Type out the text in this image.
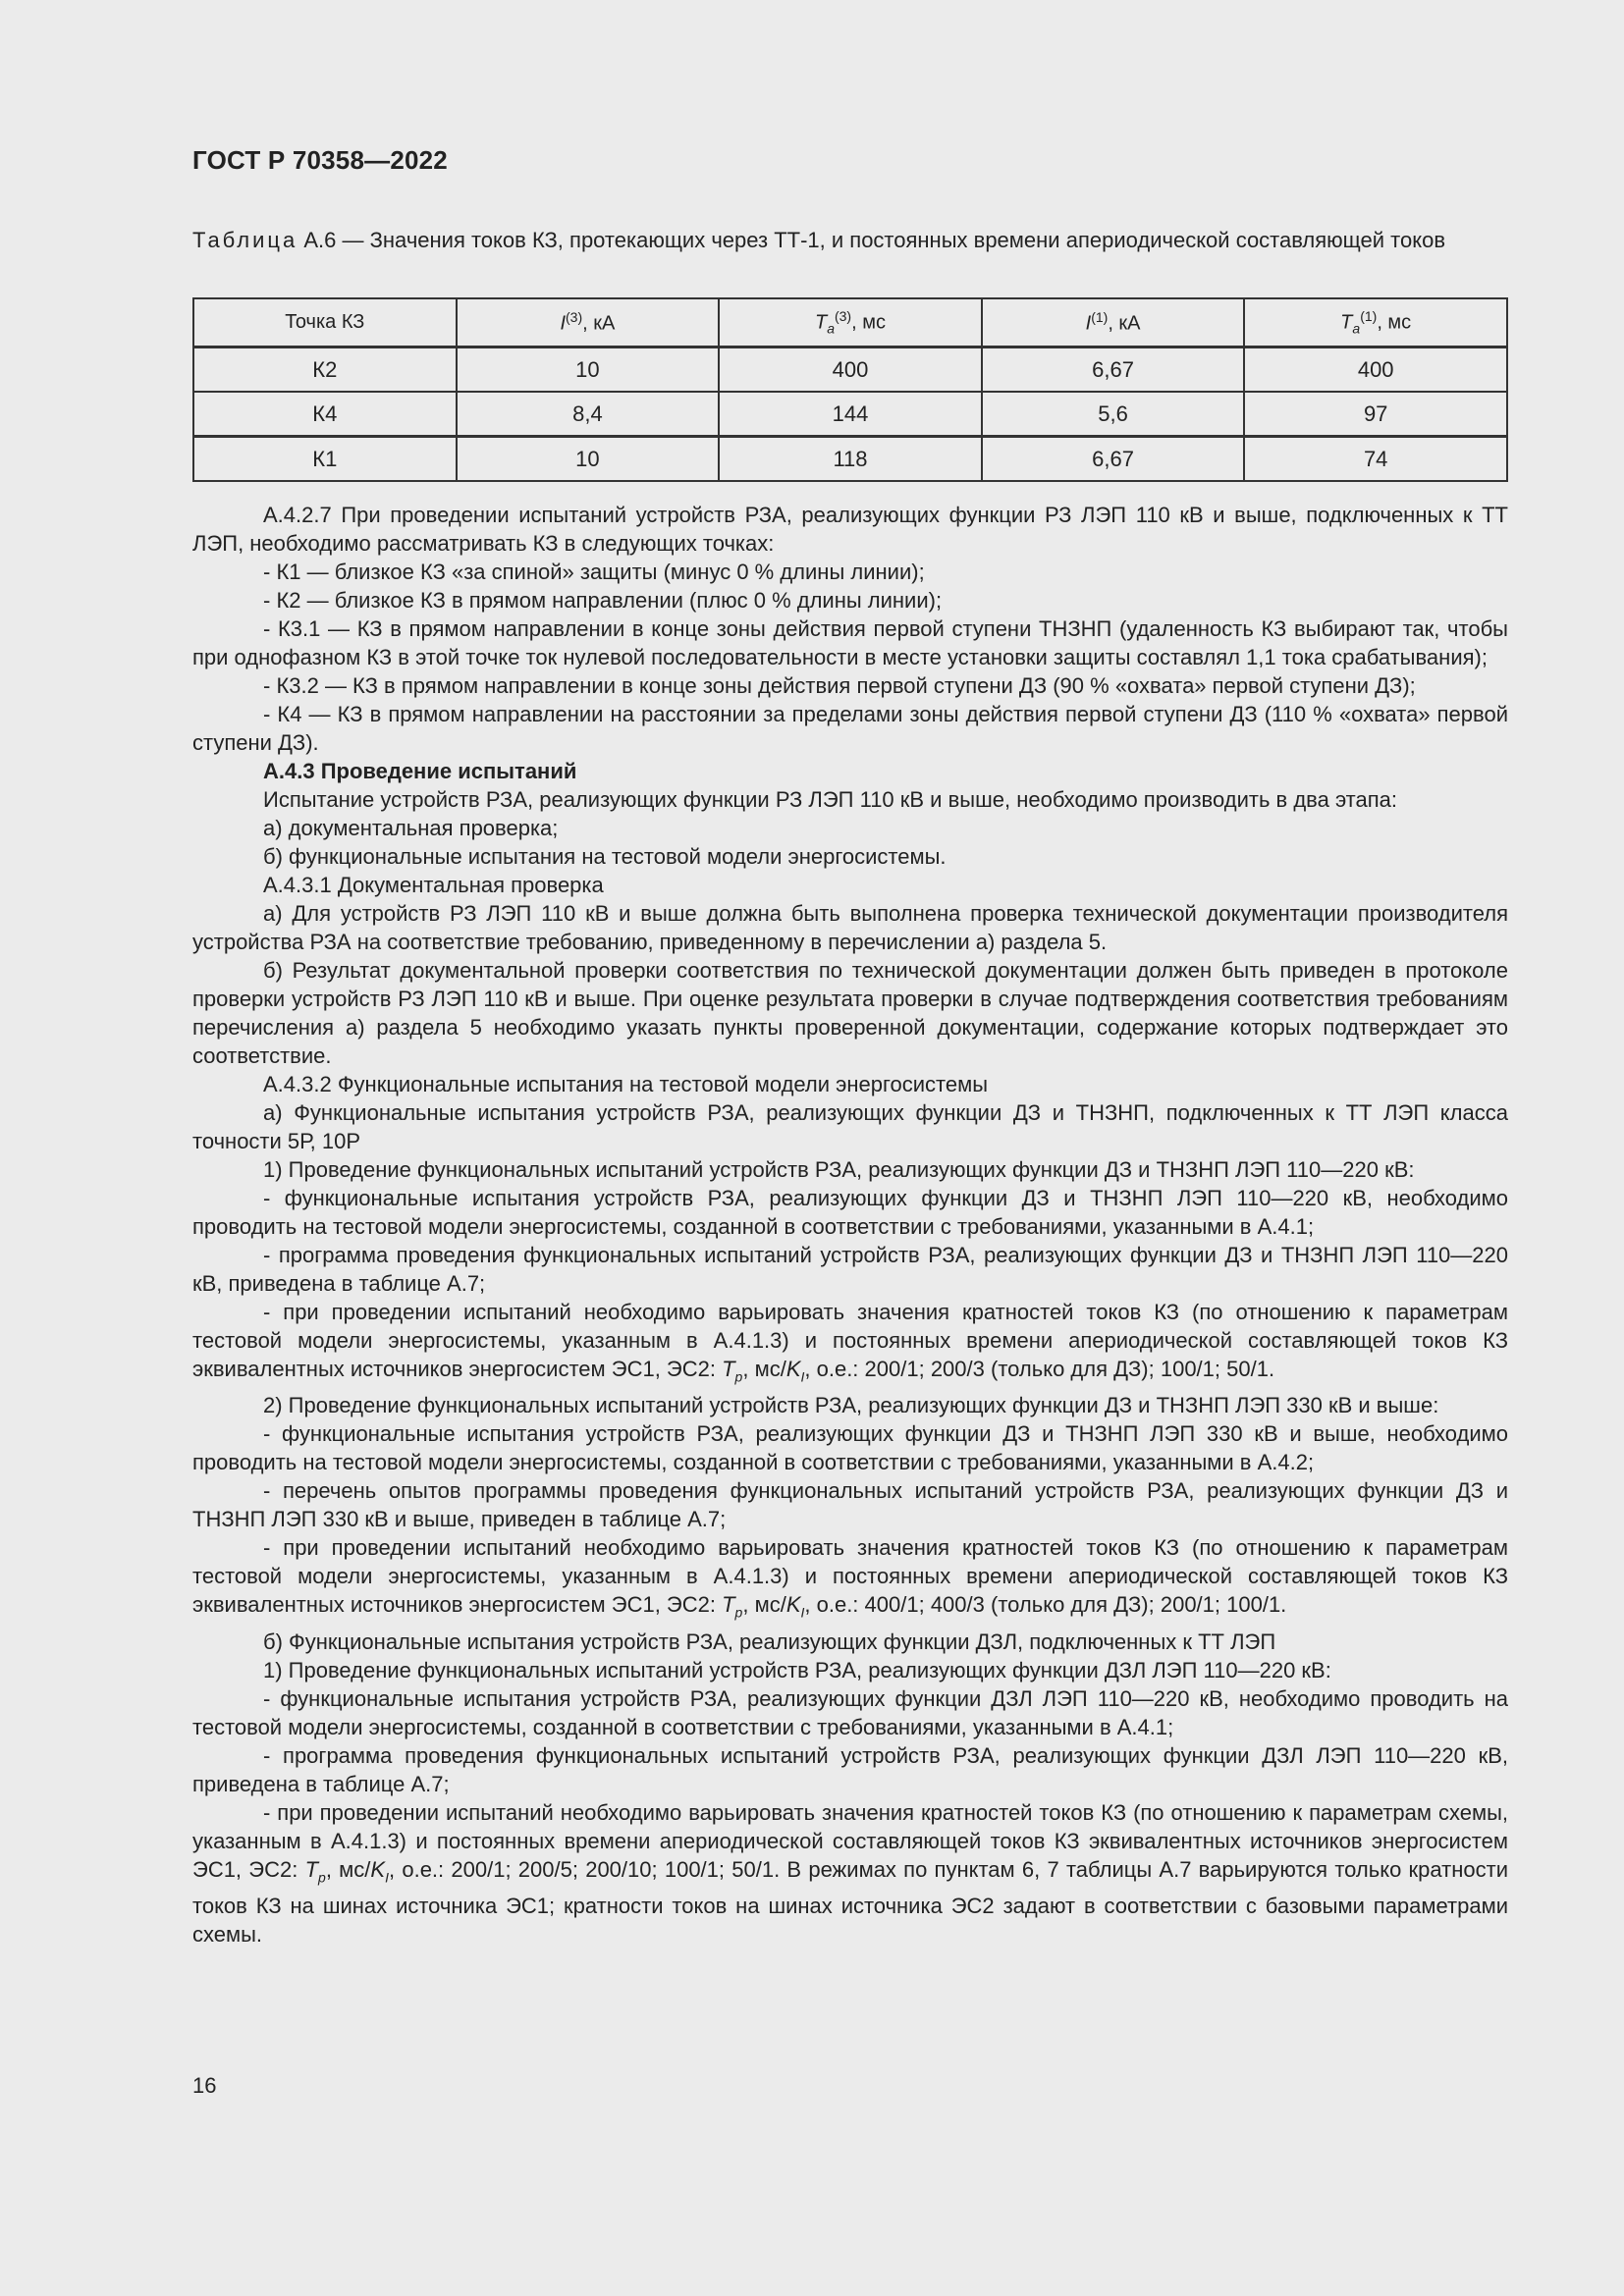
ГОСТ Р 70358—2022
Таблица А.6 — Значения токов КЗ, протекающих через ТТ-1, и постоянных времени апериодической составляющей токов
Точка КЗ	$I^{(3)}$, кА	$T_a^{(3)}$, мс	$I^{(1)}$, кА	$T_a^{(1)}$, мс
К2	10	400	6,67	400
К4	8,4	144	5,6	97
К1	10	118	6,67	74

А.4.2.7 При проведении испытаний устройств РЗА, реализующих функции РЗ ЛЭП 110 кВ и выше, подключенных к ТТ ЛЭП, необходимо рассматривать КЗ в следующих точках:

- К1 — близкое КЗ «за спиной» защиты (минус 0 % длины линии);

- К2 — близкое КЗ в прямом направлении (плюс 0 % длины линии);

- К3.1 — КЗ в прямом направлении в конце зоны действия первой ступени ТНЗНП (удаленность КЗ выбирают так, чтобы при однофазном КЗ в этой точке ток нулевой последовательности в месте установки защиты составлял 1,1 тока срабатывания);

- К3.2 — КЗ в прямом направлении в конце зоны действия первой ступени ДЗ (90 % «охвата» первой ступени ДЗ);

- К4 — КЗ в прямом направлении на расстоянии за пределами зоны действия первой ступени ДЗ (110 % «охвата» первой ступени ДЗ).

А.4.3 Проведение испытаний

Испытание устройств РЗА, реализующих функции РЗ ЛЭП 110 кВ и выше, необходимо производить в два этапа:

а) документальная проверка;

б) функциональные испытания на тестовой модели энергосистемы.

А.4.3.1 Документальная проверка

а) Для устройств РЗ ЛЭП 110 кВ и выше должна быть выполнена проверка технической документации производителя устройства РЗА на соответствие требованию, приведенному в перечислении а) раздела 5.

б) Результат документальной проверки соответствия по технической документации должен быть приведен в протоколе проверки устройств РЗ ЛЭП 110 кВ и выше. При оценке результата проверки в случае подтверждения соответствия требованиям перечисления а) раздела 5 необходимо указать пункты проверенной документации, содержание которых подтверждает это соответствие.

А.4.3.2 Функциональные испытания на тестовой модели энергосистемы

а) Функциональные испытания устройств РЗА, реализующих функции ДЗ и ТНЗНП, подключенных к ТТ ЛЭП класса точности 5Р, 10Р

1) Проведение функциональных испытаний устройств РЗА, реализующих функции ДЗ и ТНЗНП ЛЭП 110—220 кВ:

- функциональные испытания устройств РЗА, реализующих функции ДЗ и ТНЗНП ЛЭП 110—220 кВ, необходимо проводить на тестовой модели энергосистемы, созданной в соответствии с требованиями, указанными в А.4.1;

- программа проведения функциональных испытаний устройств РЗА, реализующих функции ДЗ и ТНЗНП ЛЭП 110—220 кВ, приведена в таблице А.7;

- при проведении испытаний необходимо варьировать значения кратностей токов КЗ (по отношению к параметрам тестовой модели энергосистемы, указанным в А.4.1.3) и постоянных времени апериодической составляющей токов КЗ эквивалентных источников энергосистем ЭС1, ЭС2: $T_p$, $мс/K_I$, о.е.: 200/1; 200/3 (только для ДЗ); 100/1; 50/1.

2) Проведение функциональных испытаний устройств РЗА, реализующих функции ДЗ и ТНЗНП ЛЭП 330 кВ и выше:

- функциональные испытания устройств РЗА, реализующих функции ДЗ и ТНЗНП ЛЭП 330 кВ и выше, необходимо проводить на тестовой модели энергосистемы, созданной в соответствии с требованиями, указанными в А.4.2;

- перечень опытов программы проведения функциональных испытаний устройств РЗА, реализующих функции ДЗ и ТНЗНП ЛЭП 330 кВ и выше, приведен в таблице А.7;

- при проведении испытаний необходимо варьировать значения кратностей токов КЗ (по отношению к параметрам тестовой модели энергосистемы, указанным в А.4.1.3) и постоянных времени апериодической составляющей токов КЗ эквивалентных источников энергосистем ЭС1, ЭС2: $T_p$, $мс/K_I$, о.е.: 400/1; 400/3 (только для ДЗ); 200/1; 100/1.

б) Функциональные испытания устройств РЗА, реализующих функции ДЗЛ, подключенных к ТТ ЛЭП

1) Проведение функциональных испытаний устройств РЗА, реализующих функции ДЗЛ ЛЭП 110—220 кВ:

- функциональные испытания устройств РЗА, реализующих функции ДЗЛ ЛЭП 110—220 кВ, необходимо проводить на тестовой модели энергосистемы, созданной в соответствии с требованиями, указанными в А.4.1;

- программа проведения функциональных испытаний устройств РЗА, реализующих функции ДЗЛ ЛЭП 110—220 кВ, приведена в таблице А.7;

- при проведении испытаний необходимо варьировать значения кратностей токов КЗ (по отношению к параметрам схемы, указанным в А.4.1.3) и постоянных времени апериодической составляющей токов КЗ эквивалентных источников энергосистем ЭС1, ЭС2: $T_p$, $мс/K_I$, о.е.: 200/1; 200/5; 200/10; 100/1; 50/1. В режимах по пунктам 6, 7 таблицы А.7 варьируются только кратности токов КЗ на шинах источника ЭС1; кратности токов на шинах источника ЭС2 задают в соответствии с базовыми параметрами схемы.

16
